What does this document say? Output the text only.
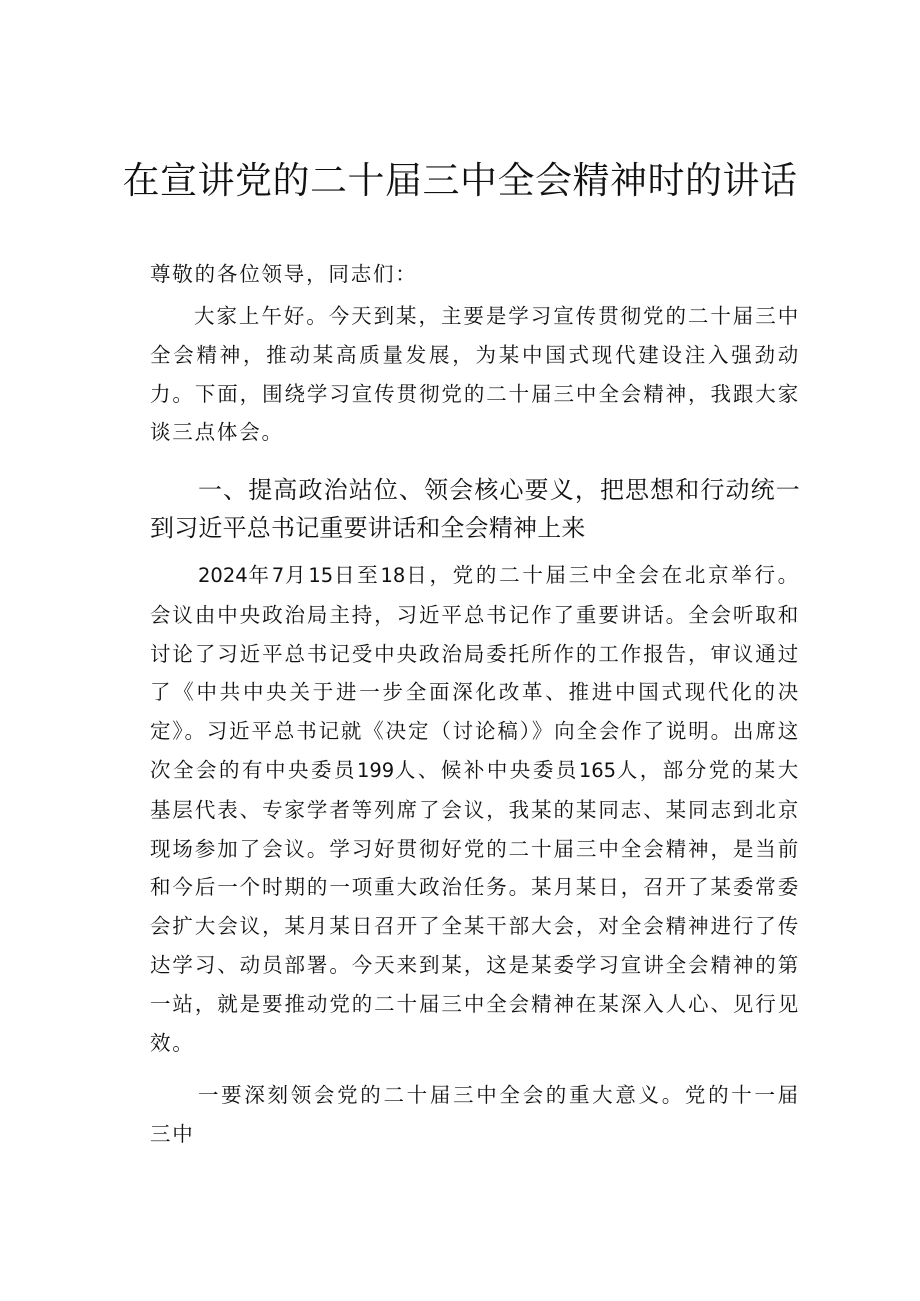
在宣讲党的二十届三中全会精神时的讲话

尊敬的各位领导，同志们：

大家上午好。今天到某，主要是学习宣传贯彻党的二十届三中全会精神，推动某高质量发展，为某中国式现代建设注入强劲动力。下面，围绕学习宣传贯彻党的二十届三中全会精神，我跟大家谈三点体会。

一、提高政治站位、领会核心要义，把思想和行动统一到习近平总书记重要讲话和全会精神上来

2024年7月15日至18日，党的二十届三中全会在北京举行。会议由中央政治局主持，习近平总书记作了重要讲话。全会听取和讨论了习近平总书记受中央政治局委托所作的工作报告，审议通过了《中共中央关于进一步全面深化改革、推进中国式现代化的决定》。习近平总书记就《决定（讨论稿）》向全会作了说明。出席这次全会的有中央委员199人、候补中央委员165人，部分党的某大基层代表、专家学者等列席了会议，我某的某同志、某同志到北京现场参加了会议。学习好贯彻好党的二十届三中全会精神，是当前和今后一个时期的一项重大政治任务。某月某日，召开了某委常委会扩大会议，某月某日召开了全某干部大会，对全会精神进行了传达学习、动员部署。今天来到某，这是某委学习宣讲全会精神的第一站，就是要推动党的二十届三中全会精神在某深入人心、见行见效。

一要深刻领会党的二十届三中全会的重大意义。党的十一届三中
